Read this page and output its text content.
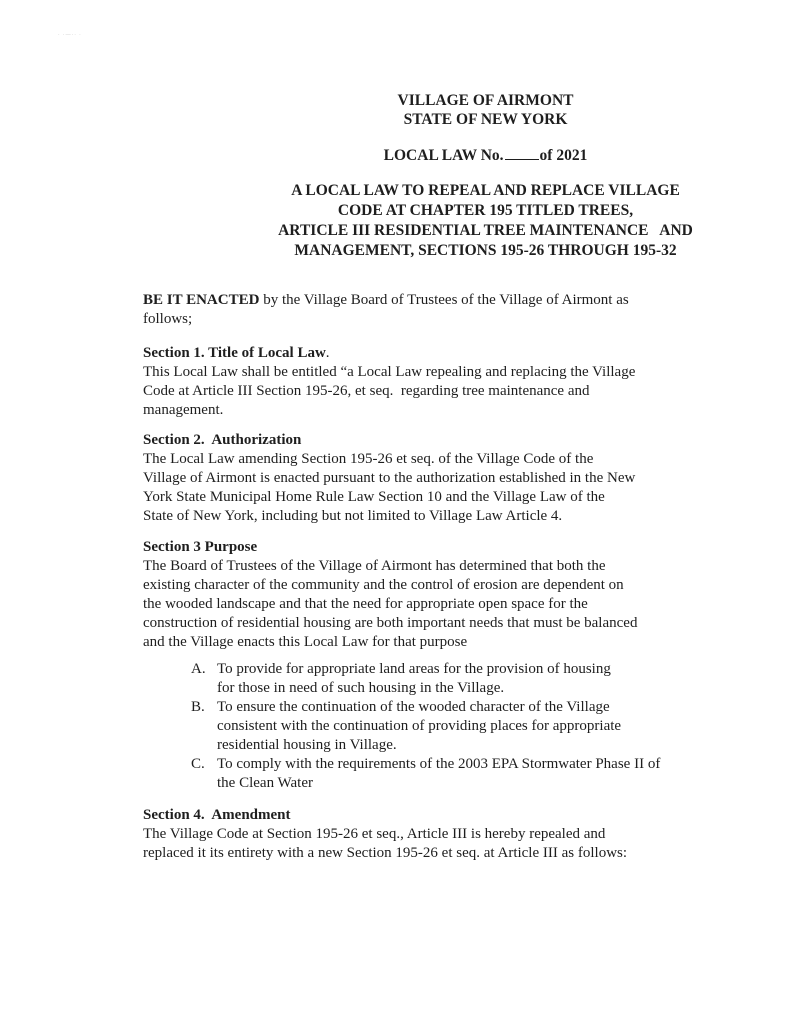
· ·—·· ·
VILLAGE OF AIRMONT
STATE OF NEW YORK
LOCAL LAW No. of 2021
A LOCAL LAW TO REPEAL AND REPLACE VILLAGE
CODE AT CHAPTER 195 TITLED TREES,
ARTICLE III RESIDENTIAL TREE MAINTENANCE   AND
MANAGEMENT, SECTIONS 195-26 THROUGH 195-32
BE IT ENACTED by the Village Board of Trustees of the Village of Airmont as
follows;
Section 1. Title of Local Law.
This Local Law shall be entitled “a Local Law repealing and replacing the Village
Code at Article III Section 195-26, et seq.  regarding tree maintenance and
management.
Section 2.  Authorization
The Local Law amending Section 195-26 et seq. of the Village Code of the
Village of Airmont is enacted pursuant to the authorization established in the New
York State Municipal Home Rule Law Section 10 and the Village Law of the
State of New York, including but not limited to Village Law Article 4.
Section 3 Purpose
The Board of Trustees of the Village of Airmont has determined that both the
existing character of the community and the control of erosion are dependent on
the wooded landscape and that the need for appropriate open space for the
construction of residential housing are both important needs that must be balanced
and the Village enacts this Local Law for that purpose
A. To provide for appropriate land areas for the provision of housing
for those in need of such housing in the Village.
B. To ensure the continuation of the wooded character of the Village
consistent with the continuation of providing places for appropriate
residential housing in Village.
C. To comply with the requirements of the 2003 EPA Stormwater Phase II of
the Clean Water
Section 4.  Amendment
The Village Code at Section 195-26 et seq., Article III is hereby repealed and
replaced it its entirety with a new Section 195-26 et seq. at Article III as follows:
